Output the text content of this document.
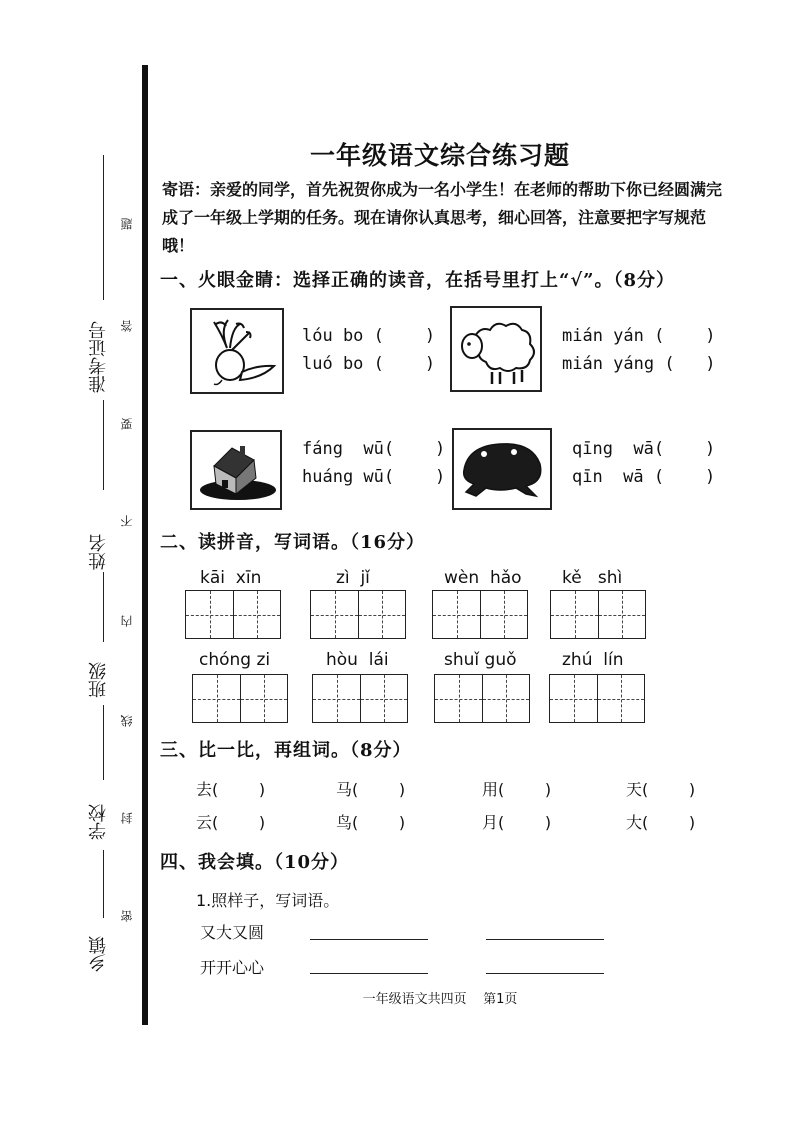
准考证号
姓名
班级
学校
乡镇
题
答
要
不
内
线
封
密
一年级语文综合练习题
寄语：亲爱的同学，首先祝贺你成为一名小学生！在老师的帮助下你已经圆满完成了一年级上学期的任务。现在请你认真思考，细心回答，注意要把字写规范哦！
一、火眼金睛：选择正确的读音，在括号里打上“√”。（8分）
lóu bo (    )
luó bo (    )
mián yán (    )
mián yáng (   )
fáng  wū(    )
huáng wū(    )
qīng  wā(    )
qīn  wā (    )
二、读拼音，写词语。（16分）
kāi  xīn	zì  jǐ	wèn  hǎo kě   shì
chóng zi	hòu  lái	shuǐ guǒ	zhú  lín
三、比一比，再组词。（8分）
去(        )	马(        )	用(        )	天(        )
云(        )	鸟(        )	月(        )	大(        )
四、我会填。（10分）
1.照样子，写词语。
又大又圆
开开心心
一年级语文共四页    第1页
